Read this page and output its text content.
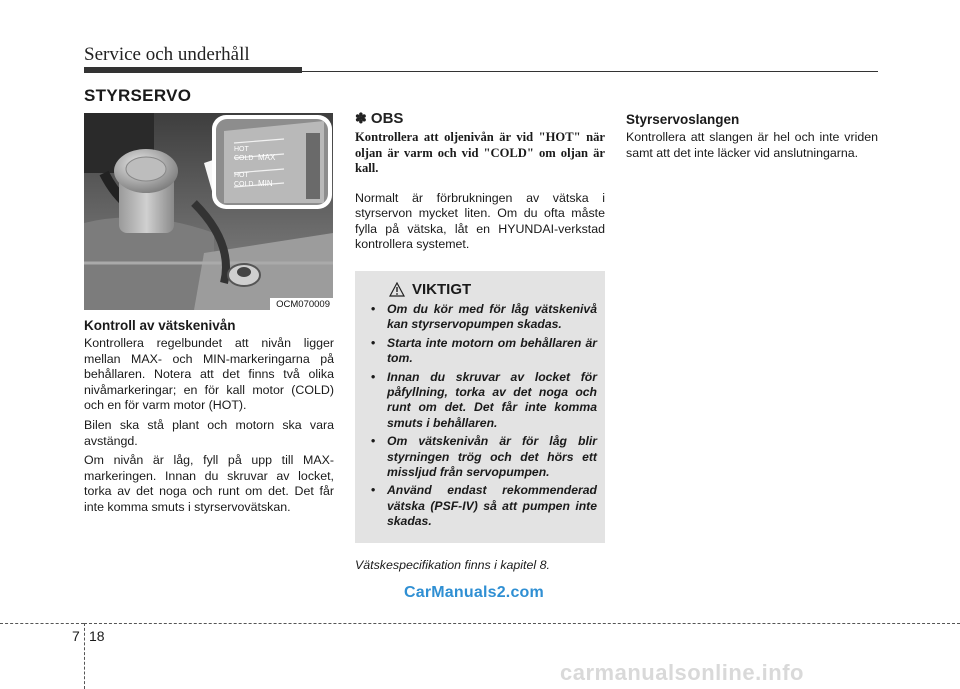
Service och underhåll
STYRSERVO
HOT
COLD MAX
HOT
COLD MIN
OCM070009
Kontroll av vätskenivån

Kontrollera regelbundet att nivån ligger mellan MAX- och MIN-markeringarna på behållaren. Notera att det finns två olika nivåmarkeringar; en för kall motor (COLD) och en för varm motor (HOT).

Bilen ska stå plant och motorn ska vara avstängd.

Om nivån är låg, fyll på upp till MAX-markeringen. Innan du skruvar av locket, torka av det noga och runt om det. Det får inte komma smuts i styrservovätskan.

✽ OBS

Kontrollera att oljenivån är vid "HOT" när oljan är varm och vid "COLD" om oljan är kall.

Normalt är förbrukningen av vätska i styrservon mycket liten. Om du ofta måste fylla på vätska, låt en HYUNDAI-verkstad kontrollera systemet.

VIKTIGT
• Om du kör med för låg vätskenivå kan styrservopumpen skadas.
• Starta inte motorn om behållaren är tom.
• Innan du skruvar av locket för påfyllning, torka av det noga och runt om det. Det får inte komma smuts i behållaren.
• Om vätskenivån är för låg blir styrningen trög och det hörs ett missljud från servopumpen.
• Använd endast rekommenderad vätska (PSF-IV) så att pumpen inte skadas.
Vätskespecifikation finns i kapitel 8.
Styrservoslangen

Kontrollera att slangen är hel och inte vriden samt att det inte läcker vid anslutningarna.

CarManuals2.com
7 18
carmanualsonline.info
